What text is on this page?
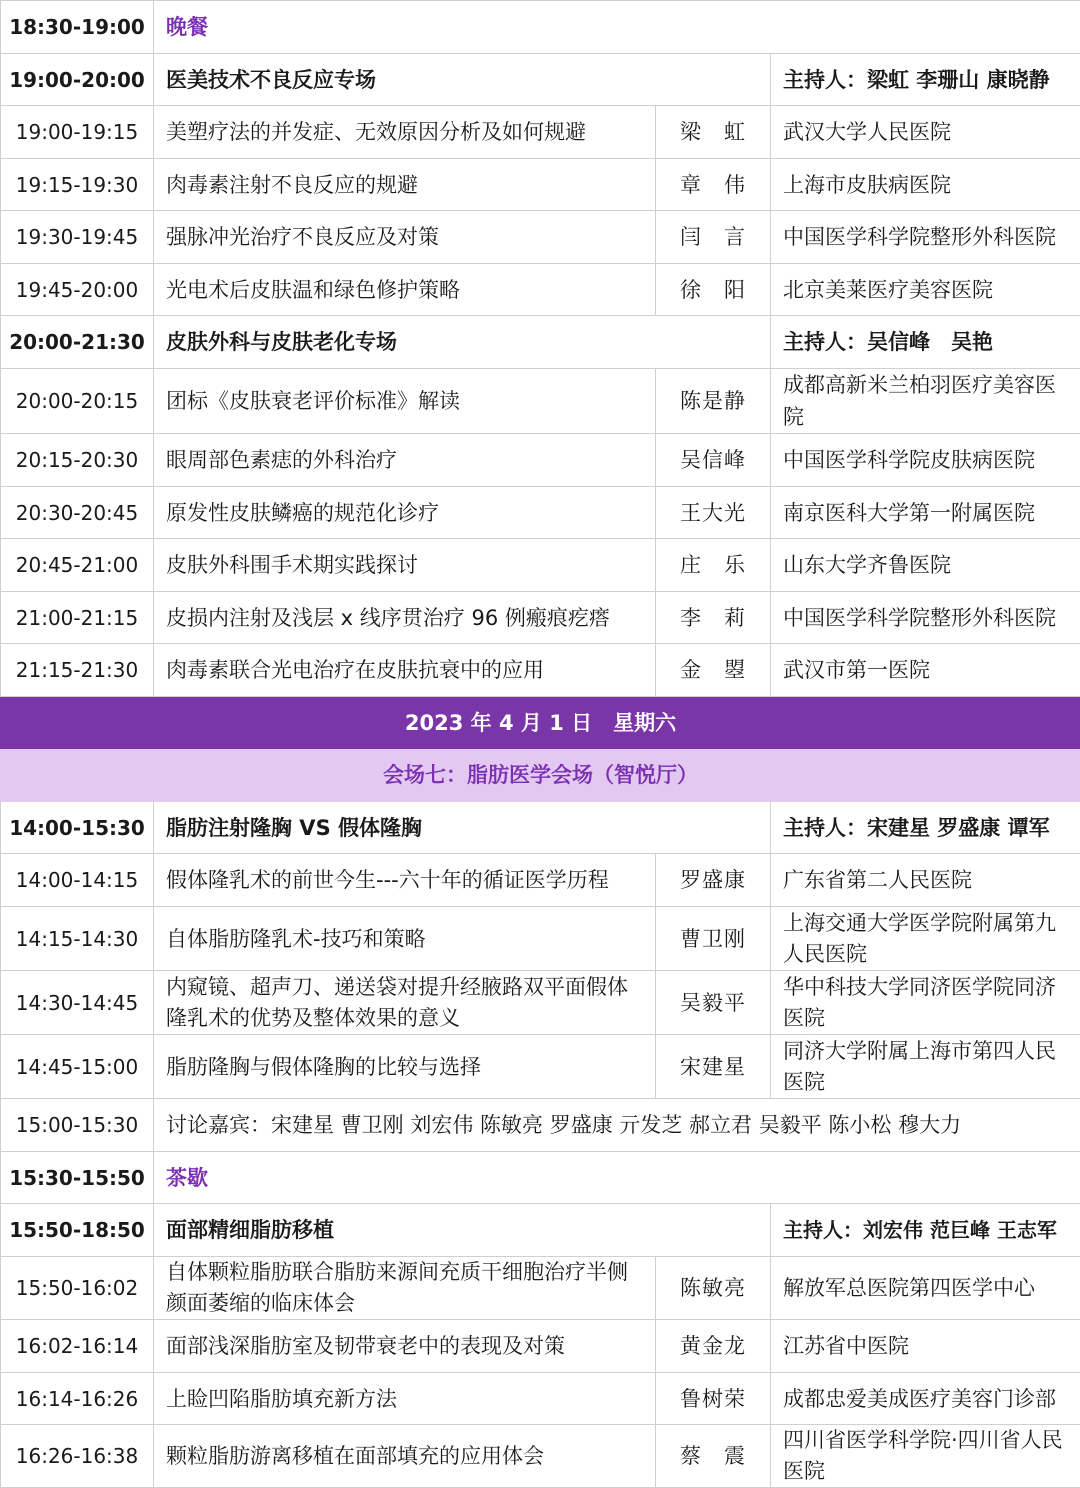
18:30-19:00	晚餐		
19:00-20:00	医美技术不良反应专场		主持人：梁虹 李珊山 康晓静
19:00-19:15	美塑疗法的并发症、无效原因分析及如何规避	梁　虹	武汉大学人民医院
19:15-19:30	肉毒素注射不良反应的规避	章　伟	上海市皮肤病医院
19:30-19:45	强脉冲光治疗不良反应及对策	闫　言	中国医学科学院整形外科医院
19:45-20:00	光电术后皮肤温和绿色修护策略	徐　阳	北京美莱医疗美容医院
20:00-21:30	皮肤外科与皮肤老化专场		主持人：吴信峰　吴艳
20:00-20:15	团标《皮肤衰老评价标准》解读	陈是静	成都高新米兰柏羽医疗美容医院
20:15-20:30	眼周部色素痣的外科治疗	吴信峰	中国医学科学院皮肤病医院
20:30-20:45	原发性皮肤鳞癌的规范化诊疗	王大光	南京医科大学第一附属医院
20:45-21:00	皮肤外科围手术期实践探讨	庄　乐	山东大学齐鲁医院
21:00-21:15	皮损内注射及浅层 x 线序贯治疗 96 例瘢痕疙瘩	李　莉	中国医学科学院整形外科医院
21:15-21:30	肉毒素联合光电治疗在皮肤抗衰中的应用	金　曌	武汉市第一医院
2023 年 4 月 1 日　星期六			
会场七：脂肪医学会场（智悦厅）			
14:00-15:30	脂肪注射隆胸 VS 假体隆胸		主持人：宋建星 罗盛康 谭军
14:00-14:15	假体隆乳术的前世今生---六十年的循证医学历程	罗盛康	广东省第二人民医院
14:15-14:30	自体脂肪隆乳术-技巧和策略	曹卫刚	上海交通大学医学院附属第九人民医院
14:30-14:45	内窥镜、超声刀、递送袋对提升经腋路双平面假体隆乳术的优势及整体效果的意义	吴毅平	华中科技大学同济医学院同济医院
14:45-15:00	脂肪隆胸与假体隆胸的比较与选择	宋建星	同济大学附属上海市第四人民医院
15:00-15:30	讨论嘉宾：宋建星 曹卫刚 刘宏伟 陈敏亮 罗盛康 亓发芝 郝立君 吴毅平 陈小松 穆大力		
15:30-15:50	茶歇		
15:50-18:50	面部精细脂肪移植		主持人：刘宏伟 范巨峰 王志军
15:50-16:02	自体颗粒脂肪联合脂肪来源间充质干细胞治疗半侧颜面萎缩的临床体会	陈敏亮	解放军总医院第四医学中心
16:02-16:14	面部浅深脂肪室及韧带衰老中的表现及对策	黄金龙	江苏省中医院
16:14-16:26	上睑凹陷脂肪填充新方法	鲁树荣	成都忠爱美成医疗美容门诊部
16:26-16:38	颗粒脂肪游离移植在面部填充的应用体会	蔡　震	四川省医学科学院·四川省人民医院
